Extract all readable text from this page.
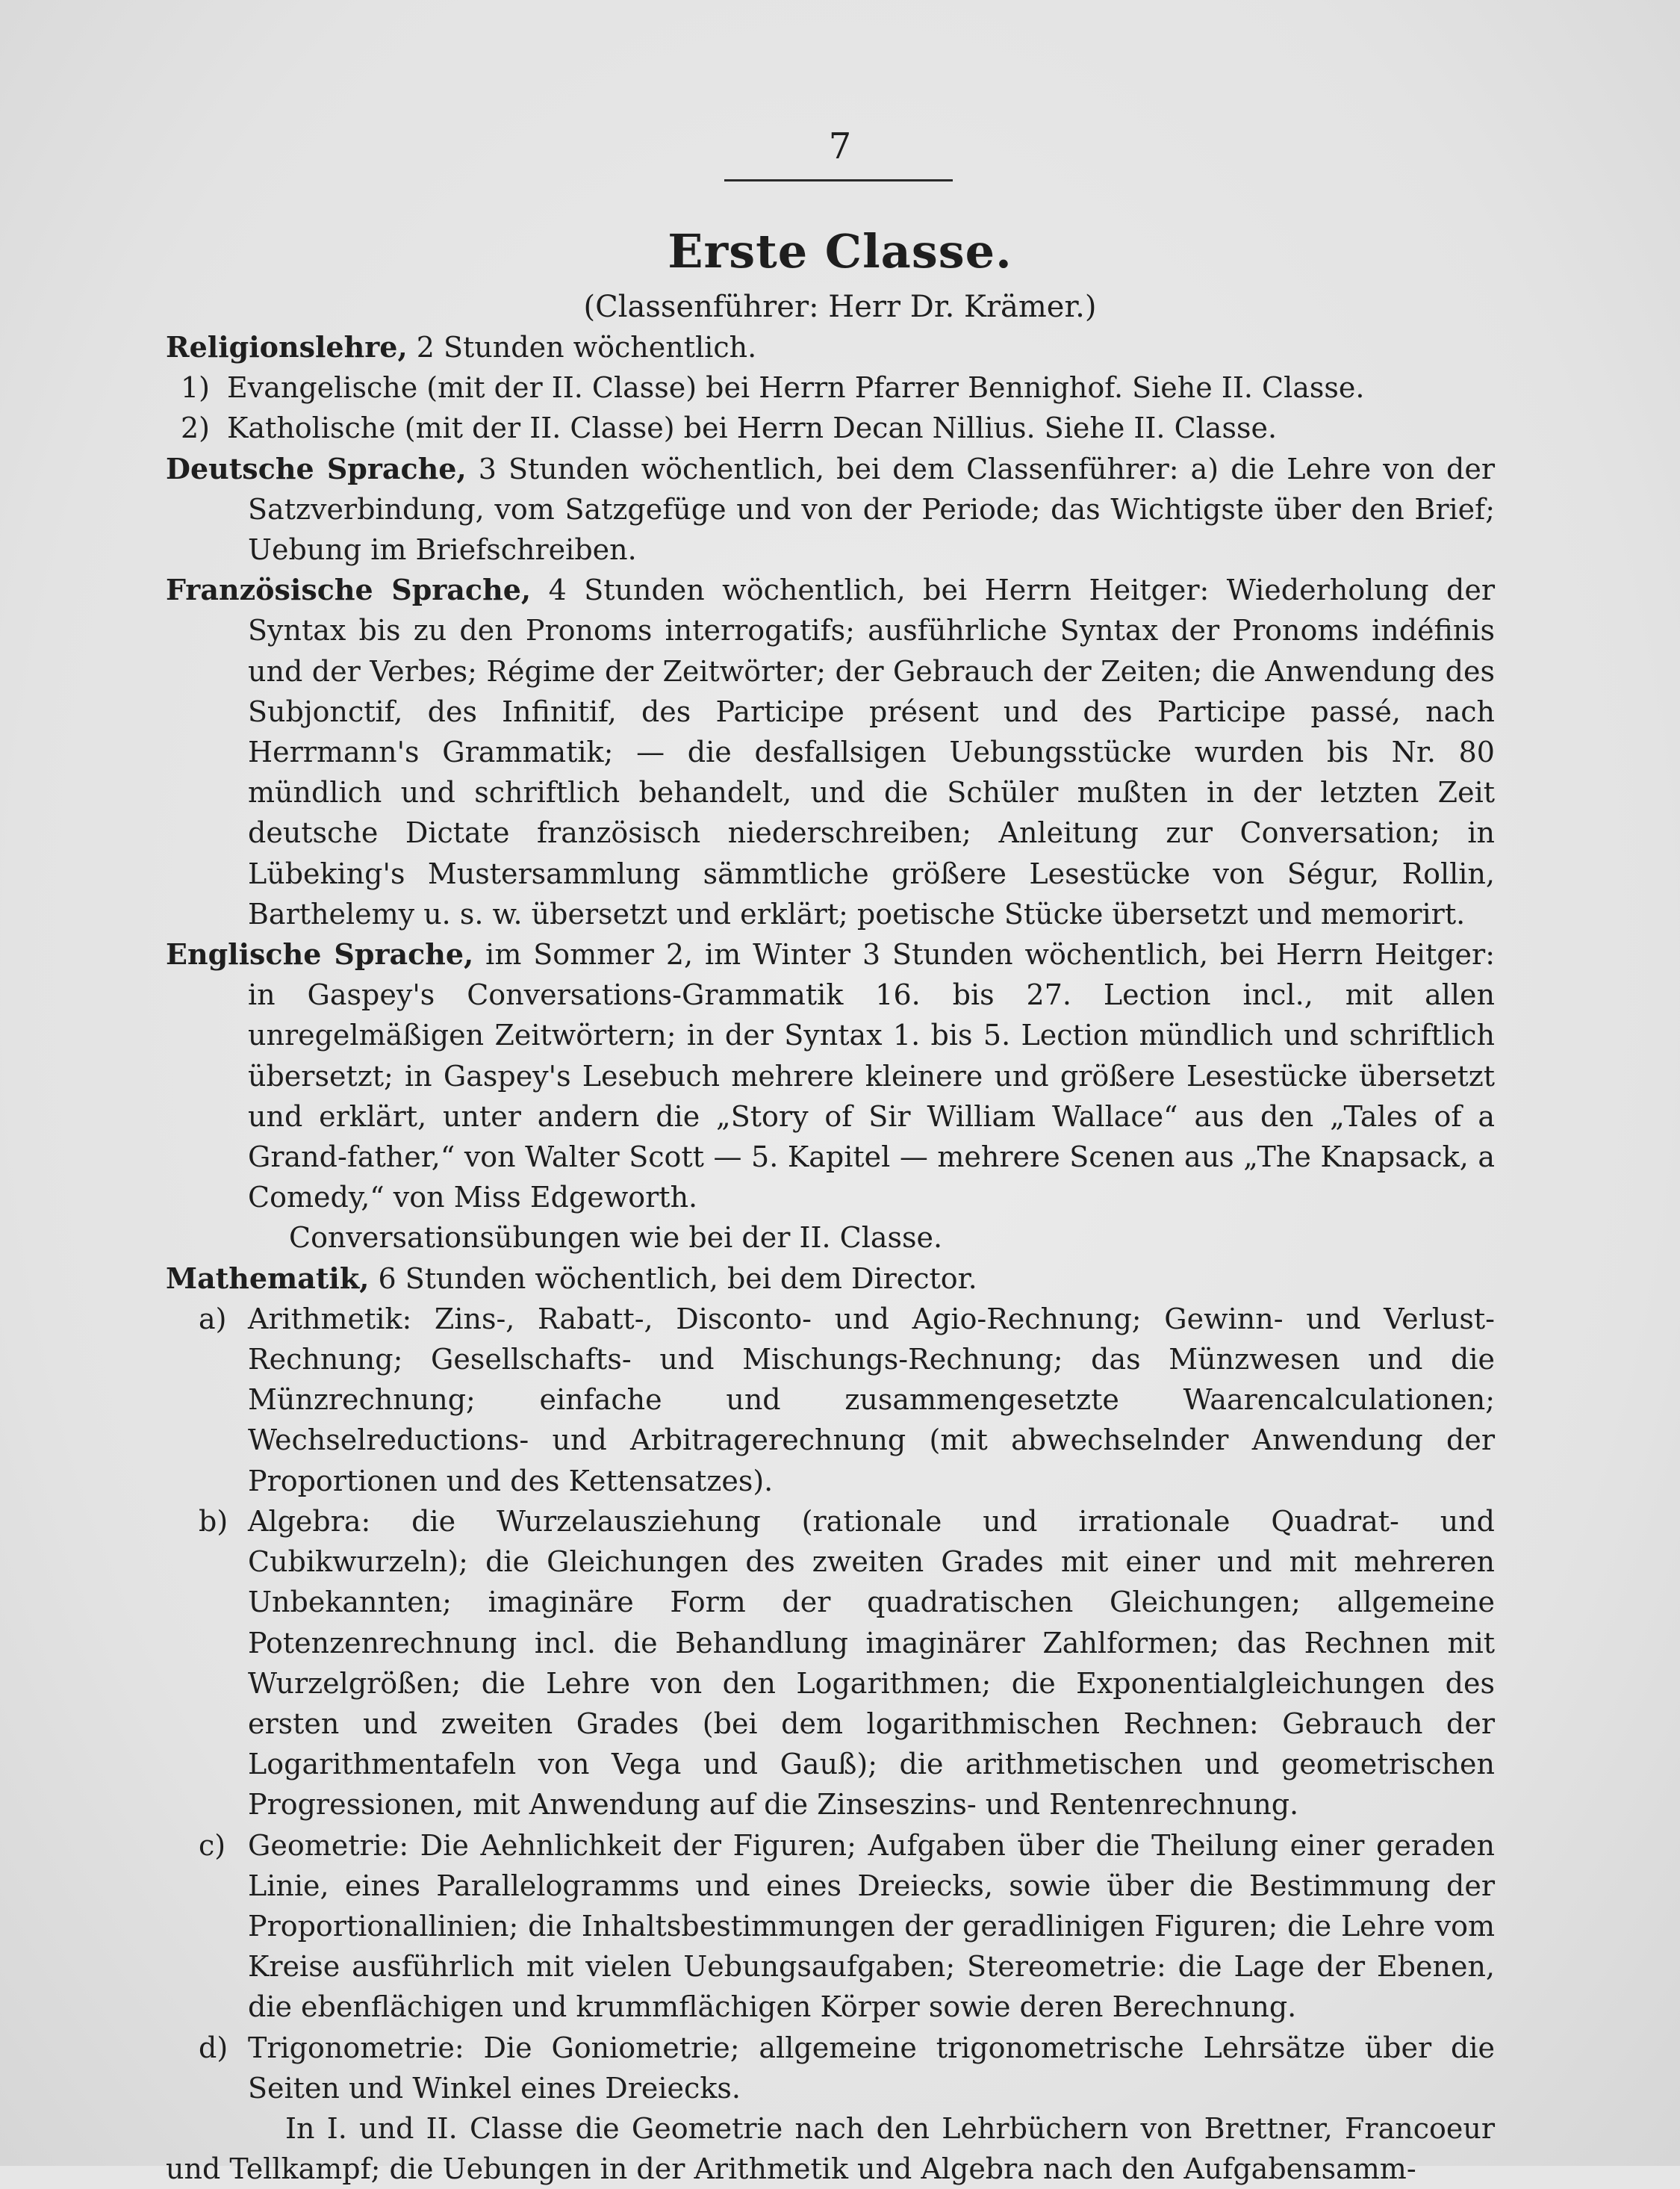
7
Erste Classe.
(Classenführer: Herr Dr. Krämer.)

Religionslehre, 2 Stunden wöchentlich.

1) Evangelische (mit der II. Classe) bei Herrn Pfarrer Bennighof. Siehe II. Classe.

2) Katholische (mit der II. Classe) bei Herrn Decan Nillius. Siehe II. Classe.

Deutsche Sprache, 3 Stunden wöchentlich, bei dem Classenführer: a) die Lehre von der Satzverbindung, vom Satzgefüge und von der Periode; das Wichtigste über den Brief; Uebung im Briefschreiben.

Französische Sprache, 4 Stunden wöchentlich, bei Herrn Heitger: Wiederholung der Syntax bis zu den Pronoms interrogatifs; ausführliche Syntax der Pronoms indéfinis und der Verbes; Régime der Zeitwörter; der Gebrauch der Zeiten; die Anwendung des Subjonctif, des Infinitif, des Participe présent und des Participe passé, nach Herrmann's Grammatik; — die desfallsigen Uebungsstücke wurden bis Nr. 80 mündlich und schriftlich behandelt, und die Schüler mußten in der letzten Zeit deutsche Dictate französisch niederschreiben; Anleitung zur Conversation; in Lübeking's Mustersammlung sämmtliche größere Lesestücke von Ségur, Rollin, Barthelemy u. s. w. übersetzt und erklärt; poetische Stücke übersetzt und memorirt.

Englische Sprache, im Sommer 2, im Winter 3 Stunden wöchentlich, bei Herrn Heitger: in Gaspey's Conversations-Grammatik 16. bis 27. Lection incl., mit allen unregelmäßigen Zeitwörtern; in der Syntax 1. bis 5. Lection mündlich und schriftlich übersetzt; in Gaspey's Lesebuch mehrere kleinere und größere Lesestücke übersetzt und erklärt, unter andern die „Story of Sir William Wallace“ aus den „Tales of a Grand-father,“ von Walter Scott — 5. Kapitel — mehrere Scenen aus „The Knapsack, a Comedy,“ von Miss Edgeworth.

Conversationsübungen wie bei der II. Classe.

Mathematik, 6 Stunden wöchentlich, bei dem Director.

a) Arithmetik: Zins-, Rabatt-, Disconto- und Agio-Rechnung; Gewinn- und Verlust-Rechnung; Gesellschafts- und Mischungs-Rechnung; das Münzwesen und die Münzrechnung; einfache und zusammengesetzte Waarencalculationen; Wechselreductions- und Arbitragerechnung (mit abwechselnder Anwendung der Proportionen und des Kettensatzes).

b) Algebra: die Wurzelausziehung (rationale und irrationale Quadrat- und Cubikwurzeln); die Gleichungen des zweiten Grades mit einer und mit mehreren Unbekannten; imaginäre Form der quadratischen Gleichungen; allgemeine Potenzenrechnung incl. die Behandlung imaginärer Zahlformen; das Rechnen mit Wurzelgrößen; die Lehre von den Logarithmen; die Exponentialgleichungen des ersten und zweiten Grades (bei dem logarithmischen Rechnen: Gebrauch der Logarithmentafeln von Vega und Gauß); die arithmetischen und geometrischen Progressionen, mit Anwendung auf die Zinseszins- und Rentenrechnung.

c) Geometrie: Die Aehnlichkeit der Figuren; Aufgaben über die Theilung einer geraden Linie, eines Parallelogramms und eines Dreiecks, sowie über die Bestimmung der Proportionallinien; die Inhaltsbestimmungen der geradlinigen Figuren; die Lehre vom Kreise ausführlich mit vielen Uebungsaufgaben; Stereometrie: die Lage der Ebenen, die ebenflächigen und krummflächigen Körper sowie deren Berechnung.

d) Trigonometrie: Die Goniometrie; allgemeine trigonometrische Lehrsätze über die Seiten und Winkel eines Dreiecks.

In I. und II. Classe die Geometrie nach den Lehrbüchern von Brettner, Francoeur und Tellkampf; die Uebungen in der Arithmetik und Algebra nach den Aufgabensamm-
